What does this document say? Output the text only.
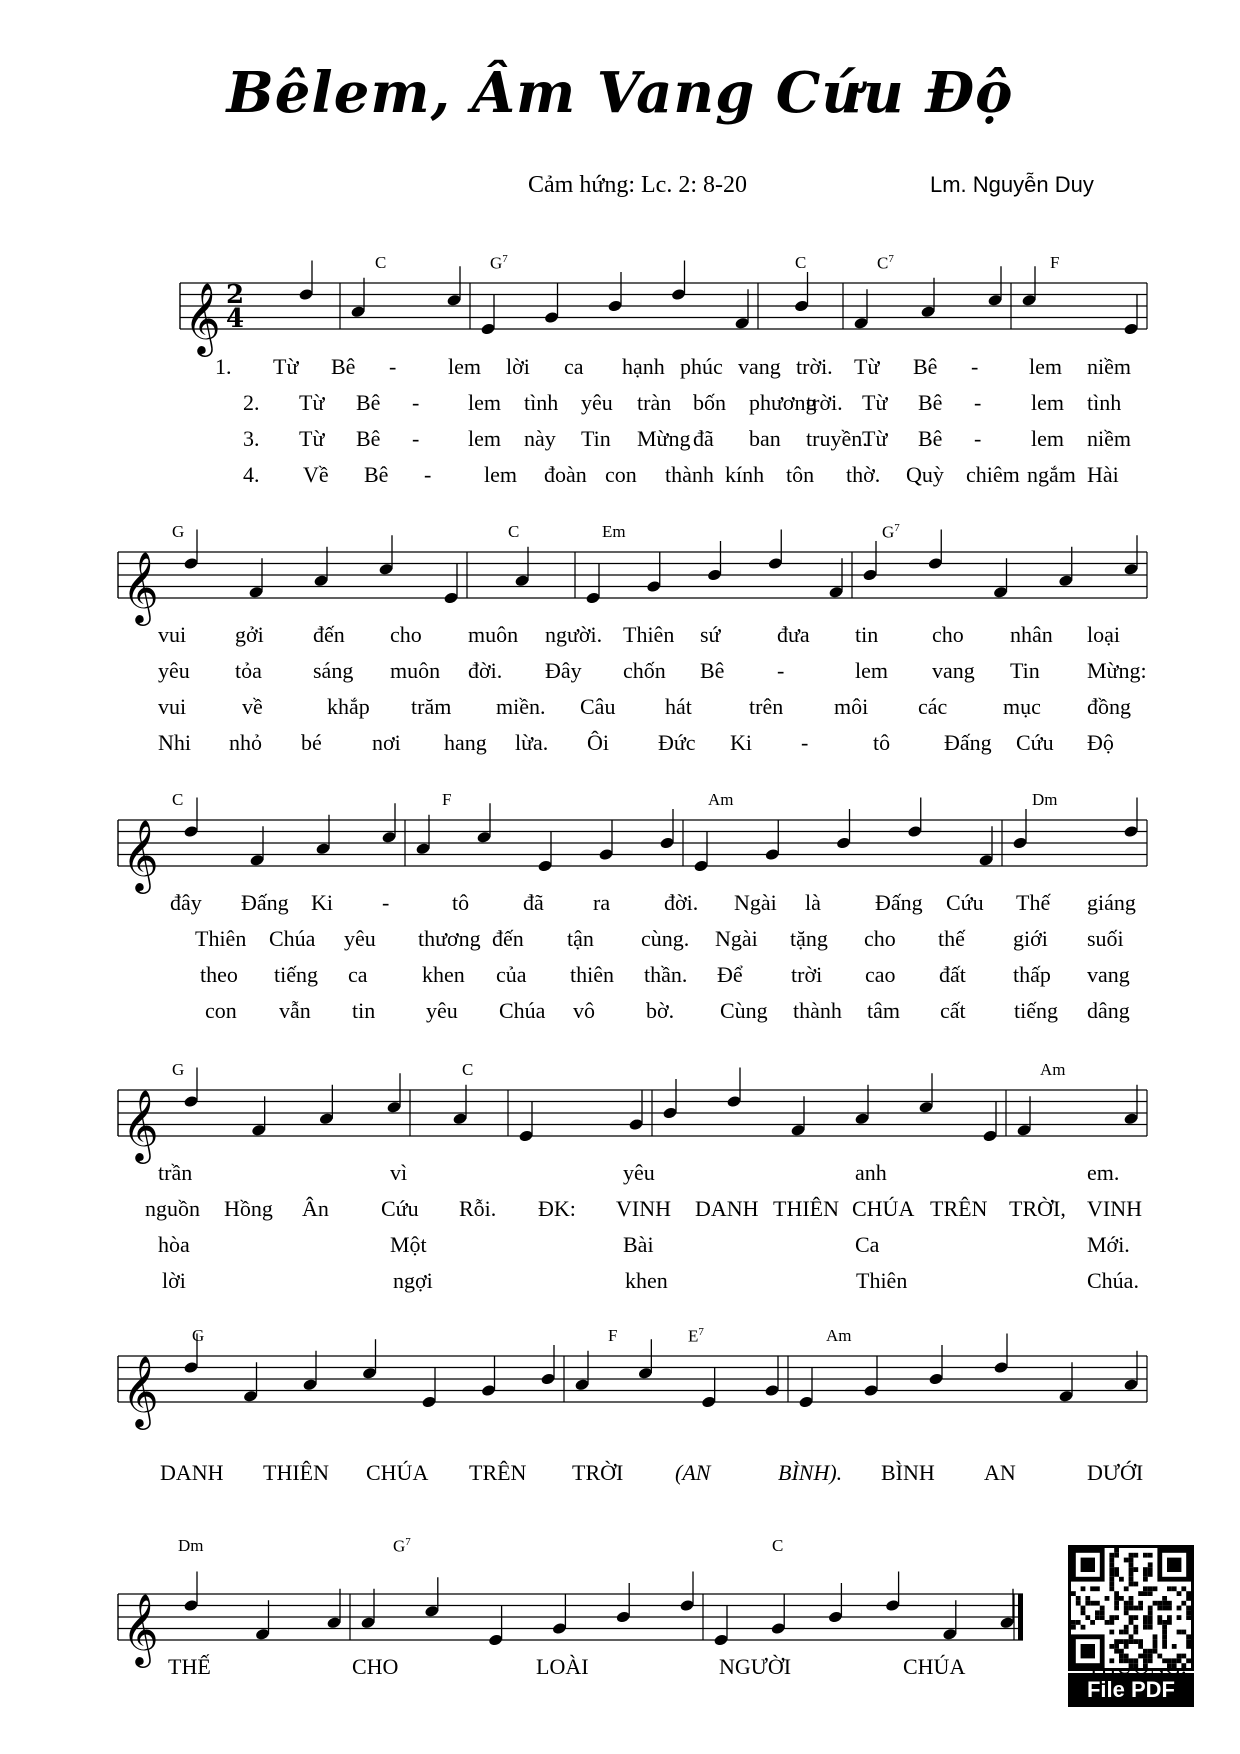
Bêlem, Âm Vang Cứu Độ
Cảm hứng: Lc. 2: 8-20	Lm. Nguyễn Duy
𝄞 2
4
𝄞
𝄞
𝄞
𝄞
𝄞
C	$G^7$	C	$C^7$	F
1. Từ Bê - lem lời ca hạnh phúc vang trời. Từ Bê - lem niềm
2. Từ Bê - lem tình yêu tràn bốn phương
trời. Từ Bê - lem tình
3. Từ Bê - lem này Tin Mừng đã ban truyền.
Từ Bê - lem niềm
4. Về Bê - lem đoàn con thành kính tôn thờ. Quỳ chiêm ngắm Hài
G	C	Em	$G^7$
vui gởi đến cho muôn người. Thiên sứ	đưa tin cho nhân loại
yêu tỏa sáng muôn đời. Đây chốn Bê -	lem vang Tin Mừng:
vui	về	khắp trăm miền. Câu hát	trên môi các	mục đồng
Nhi nhỏ bé nơi hang lừa. Ôi Đức Ki -	tô Đấng Cứu Độ
C	F	Am	Dm
đây Đấng Ki -	tô đã ra đời. Ngài là Đấng Cứu Thế giáng
Thiên Chúa yêu thương đến tận cùng. Ngài tặng cho thế giới suối
theo tiếng ca khen của thiên thần. Để trời cao đất thấp vang
con vẫn tin yêu Chúa vô bờ. Cùng thành tâm cất tiếng dâng
G	C	Am
trần	vì	yêu	anh	em.
nguồn Hồng Ân Cứu Rỗi. ĐK: VINH DANH THIÊN CHÚA TRÊN TRỜI, VINH
hòa	Một	Bài	Ca	Mới.
lời	ngợi	khen	Thiên	Chúa.
G	F	$E^7$	Am
DANH THIÊN CHÚA TRÊN TRỜI (AN	BÌNH). BÌNH AN	DƯỚI
Dm	$G^7$	C
THẾ	CHO	LOÀI	NGƯỜI	CHÚA
File PDF
